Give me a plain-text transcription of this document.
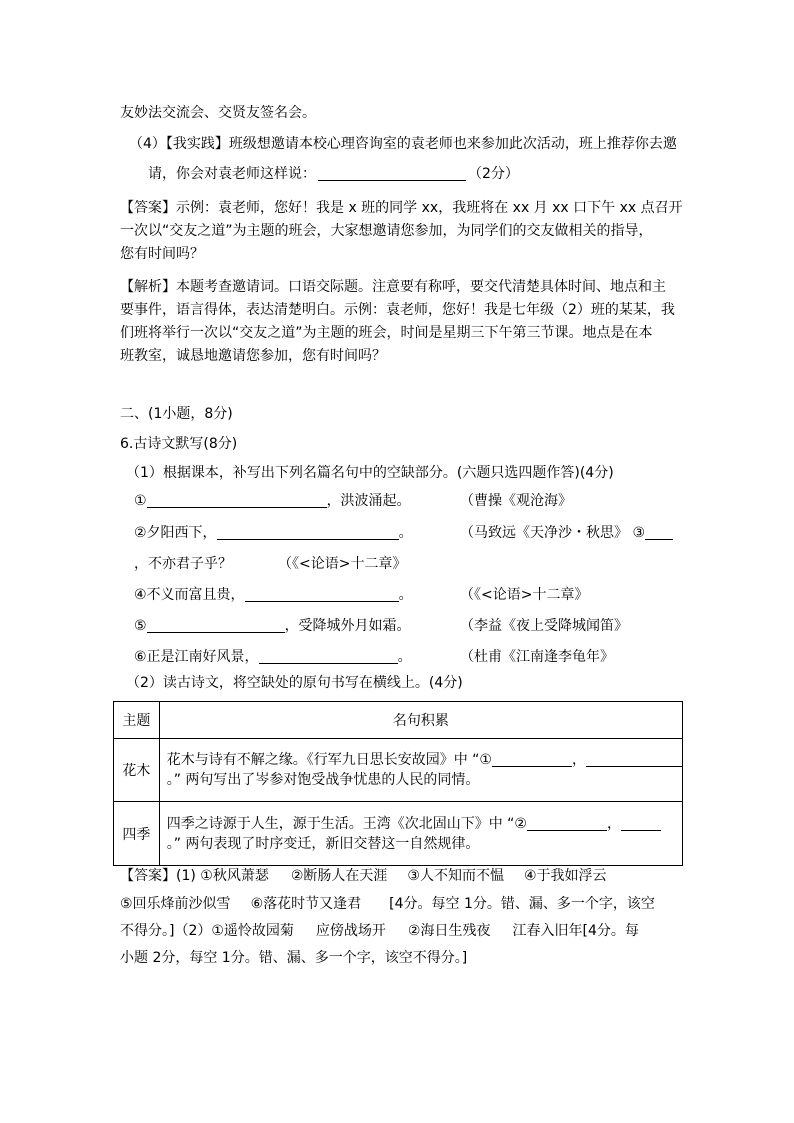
友妙法交流会、交贤友签名会。
（4）【我实践】班级想邀请本校心理咨询室的袁老师也来参加此次活动，班上推荐你去邀
请，你会对袁老师这样说：	（2分）
【答案】示例：袁老师，您好！我是 x 班的同学 xx，我班将在 xx 月 xx 口下午 xx 点召开
一次以“交友之道”为主题的班会，大家想邀请您参加，为同学们的交友做相关的指导，
您有时间吗？
【解析】本题考查邀请词。口语交际题。注意要有称呼，要交代清楚具体时间、地点和主
要事件，语言得体，表达清楚明白。示例：袁老师，您好！我是七年级（2）班的某某，我
们班将举行一次以“交友之道”为主题的班会，时间是星期三下午第三节课。地点是在本
班教室，诚恳地邀请您参加，您有时间吗？
二、(1小题，8分)
6.古诗文默写(8分)
（1）根据课本，补写出下列名篇名句中的空缺部分。(六题只选四题作答)(4分)
①	，洪波涌起。	（曹操《观沧海》
②夕阳西下，	。	（马致远《天净沙・秋思》 ③
，不亦君子乎？	（《<论语>十二章》
④不义而富且贵，	。	（《<论语>十二章》
⑤	，受降城外月如霜。	（李益《夜上受降城闻笛》
⑥正是江南好风景，	。	（杜甫《江南逢李龟年》
（2）读古诗文，将空缺处的原句书写在横线上。(4分)
主题	名句积累
花木	花木与诗有不解之缘。《行军九日思长安故园》中 “① ，
。” 两句写出了岑参对饱受战争忧患的人民的同情。

四季	四季之诗源于人生，源于生活。王湾《次北固山下》中 “② ，
。” 两句表现了时序变迁，新旧交替这一自然规律。
【答案】(1) ①秋风萧瑟 ②断肠人在天涯 ③人不知而不愠 ④于我如浮云
⑤回乐烽前沙似雪 ⑥落花时节又逢君 [4分。每空 1分。错、漏、多一个字，该空
不得分。]（2）①遥怜故园菊 应傍战场开 ②海日生残夜 江春入旧年[4分。每
小题 2分，每空 1分。错、漏、多一个字，该空不得分。]
